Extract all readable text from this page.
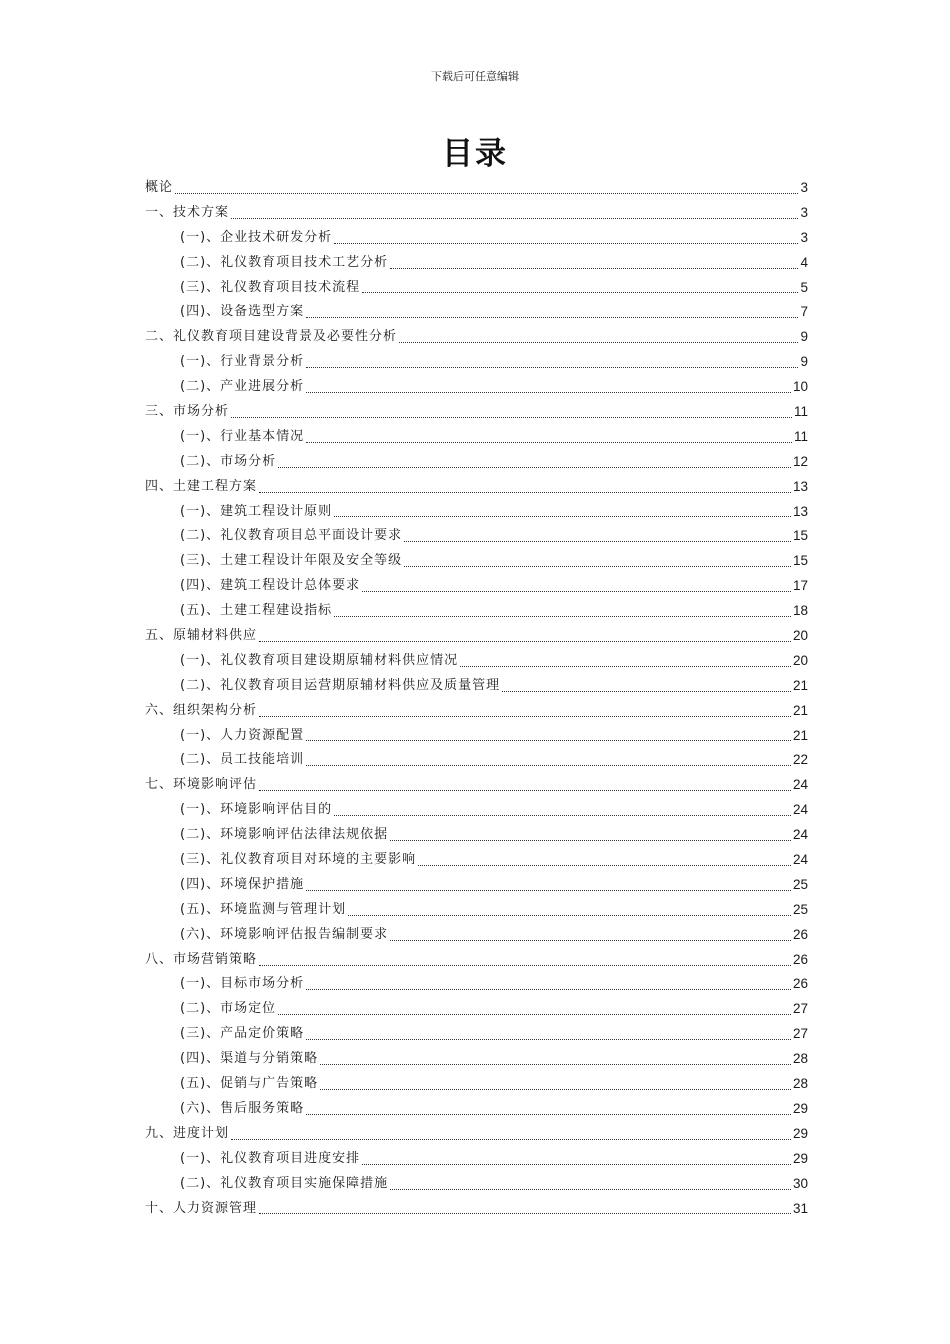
下载后可任意编辑
目录
概论	3
一、技术方案	3
(一)、企业技术研发分析	3
(二)、礼仪教育项目技术工艺分析	4
(三)、礼仪教育项目技术流程	5
(四)、设备选型方案	7
二、礼仪教育项目建设背景及必要性分析	9
(一)、行业背景分析	9
(二)、产业进展分析	10
三、市场分析	11
(一)、行业基本情况	11
(二)、市场分析	12
四、土建工程方案	13
(一)、建筑工程设计原则	13
(二)、礼仪教育项目总平面设计要求	15
(三)、土建工程设计年限及安全等级	15
(四)、建筑工程设计总体要求	17
(五)、土建工程建设指标	18
五、原辅材料供应	20
(一)、礼仪教育项目建设期原辅材料供应情况	20
(二)、礼仪教育项目运营期原辅材料供应及质量管理	21
六、组织架构分析	21
(一)、人力资源配置	21
(二)、员工技能培训	22
七、环境影响评估	24
(一)、环境影响评估目的	24
(二)、环境影响评估法律法规依据	24
(三)、礼仪教育项目对环境的主要影响	24
(四)、环境保护措施	25
(五)、环境监测与管理计划	25
(六)、环境影响评估报告编制要求	26
八、市场营销策略	26
(一)、目标市场分析	26
(二)、市场定位	27
(三)、产品定价策略	27
(四)、渠道与分销策略	28
(五)、促销与广告策略	28
(六)、售后服务策略	29
九、进度计划	29
(一)、礼仪教育项目进度安排	29
(二)、礼仪教育项目实施保障措施	30
十、人力资源管理	31
